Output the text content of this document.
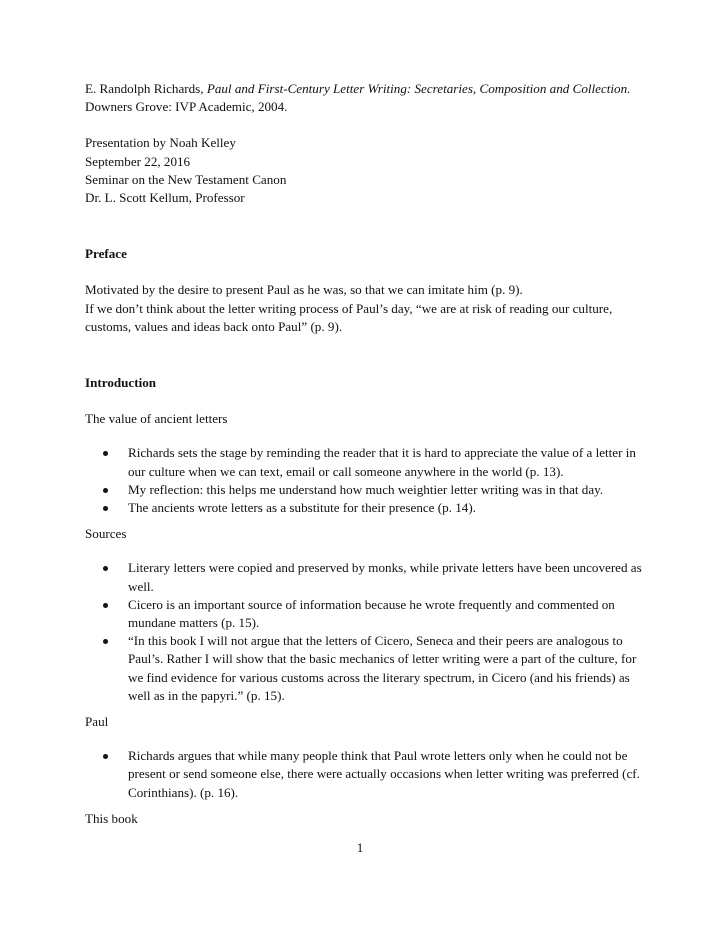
E. Randolph Richards, Paul and First-Century Letter Writing: Secretaries, Composition and Collection. Downers Grove: IVP Academic, 2004.

Presentation by Noah Kelley

September 22, 2016

Seminar on the New Testament Canon

Dr. L. Scott Kellum, Professor

Preface

Motivated by the desire to present Paul as he was, so that we can imitate him (p. 9).

If we don’t think about the letter writing process of Paul’s day, “we are at risk of reading our culture, customs, values and ideas back onto Paul” (p. 9).

Introduction

The value of ancient letters

Richards sets the stage by reminding the reader that it is hard to appreciate the value of a letter in our culture when we can text, email or call someone anywhere in the world (p. 13).
My reflection: this helps me understand how much weightier letter writing was in that day.
The ancients wrote letters as a substitute for their presence (p. 14).

Sources

Literary letters were copied and preserved by monks, while private letters have been uncovered as well.
Cicero is an important source of information because he wrote frequently and commented on mundane matters (p. 15).
“In this book I will not argue that the letters of Cicero, Seneca and their peers are analogous to Paul’s. Rather I will show that the basic mechanics of letter writing were a part of the culture, for we find evidence for various customs across the literary spectrum, in Cicero (and his friends) as well as in the papyri.” (p. 15).

Paul

Richards argues that while many people think that Paul wrote letters only when he could not be present or send someone else, there were actually occasions when letter writing was preferred (cf. Corinthians). (p. 16).

This book

1
